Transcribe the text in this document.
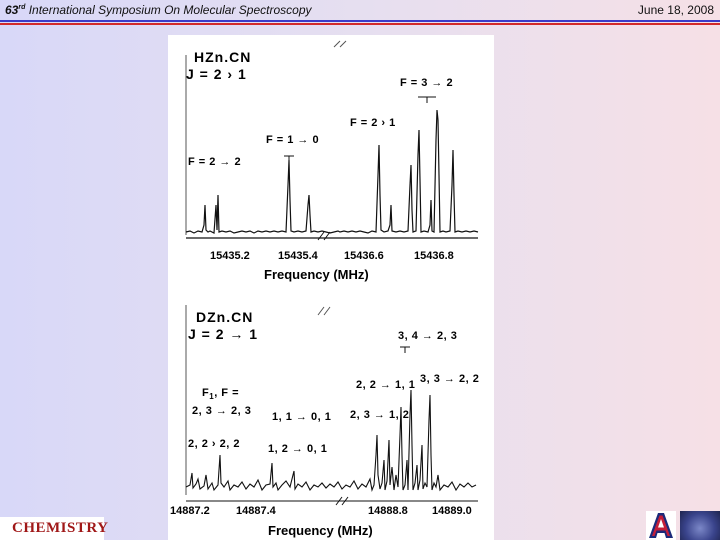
63rd International Symposium On Molecular Spectroscopy	June 18, 2008
HZn.CN
J = 2 › 1
F = 3 → 2
F = 2 › 1
F = 1 → 0
F = 2 → 2
15435.2	15435.4 15436.6	15436.8
Frequency (MHz)
DZn.CN
J = 2 → 1	3, 4 → 2, 3
2, 2 → 1, 1 3, 3 → 2, 2
$F_1$, F =
2, 3 → 2, 3 1, 1 → 0, 1 2, 3 → 1, 2
2, 2 › 2, 2	1, 2 → 0, 1
14887.2 14887.4	14888.8 14889.0
Frequency (MHz)
CHEMISTRY
